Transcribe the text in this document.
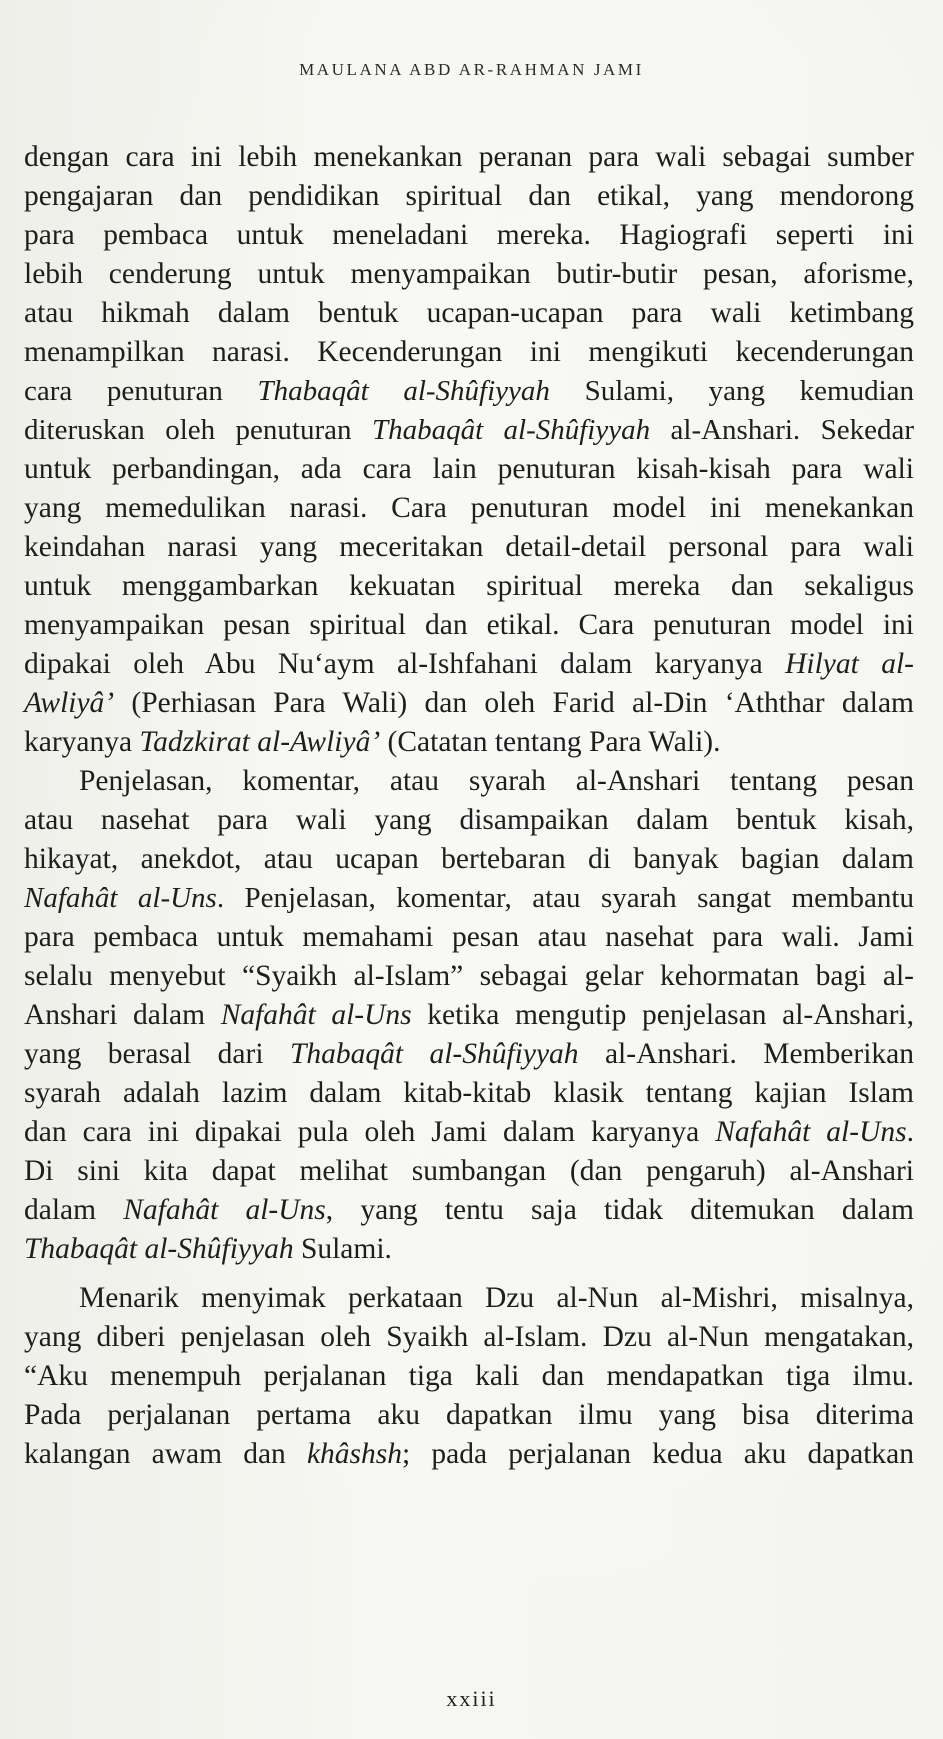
MAULANA ABD AR-RAHMAN JAMI
dengan cara ini lebih menekankan peranan para wali sebagai sumber
pengajaran dan pendidikan spiritual dan etikal, yang mendorong
para pembaca untuk meneladani mereka. Hagiografi seperti ini
lebih cenderung untuk menyampaikan butir-butir pesan, aforisme,
atau hikmah dalam bentuk ucapan-ucapan para wali ketimbang
menampilkan narasi. Kecenderungan ini mengikuti kecenderungan
cara penuturan Thabaqât al-Shûfiyyah Sulami, yang kemudian
diteruskan oleh penuturan Thabaqât al-Shûfiyyah al-Anshari. Sekedar
untuk perbandingan, ada cara lain penuturan kisah-kisah para wali
yang memedulikan narasi. Cara penuturan model ini menekankan
keindahan narasi yang meceritakan detail-detail personal para wali
untuk menggambarkan kekuatan spiritual mereka dan sekaligus
menyampaikan pesan spiritual dan etikal. Cara penuturan model ini
dipakai oleh Abu Nu‘aym al-Ishfahani dalam karyanya Hilyat al-
Awliyâ’ (Perhiasan Para Wali) dan oleh Farid al-Din ‘Aththar dalam
karyanya Tadzkirat al-Awliyâ’ (Catatan tentang Para Wali).
Penjelasan, komentar, atau syarah al-Anshari tentang pesan
atau nasehat para wali yang disampaikan dalam bentuk kisah,
hikayat, anekdot, atau ucapan bertebaran di banyak bagian dalam
Nafahât al-Uns. Penjelasan, komentar, atau syarah sangat membantu
para pembaca untuk memahami pesan atau nasehat para wali. Jami
selalu menyebut “Syaikh al-Islam” sebagai gelar kehormatan bagi al-
Anshari dalam Nafahât al-Uns ketika mengutip penjelasan al-Anshari,
yang berasal dari Thabaqât al-Shûfiyyah al-Anshari. Memberikan
syarah adalah lazim dalam kitab-kitab klasik tentang kajian Islam
dan cara ini dipakai pula oleh Jami dalam karyanya Nafahât al-Uns.
Di sini kita dapat melihat sumbangan (dan pengaruh) al-Anshari
dalam Nafahât al-Uns, yang tentu saja tidak ditemukan dalam
Thabaqât al-Shûfiyyah Sulami.
Menarik menyimak perkataan Dzu al-Nun al-Mishri, misalnya,
yang diberi penjelasan oleh Syaikh al-Islam. Dzu al-Nun mengatakan,
“Aku menempuh perjalanan tiga kali dan mendapatkan tiga ilmu.
Pada perjalanan pertama aku dapatkan ilmu yang bisa diterima
kalangan awam dan khâshsh; pada perjalanan kedua aku dapatkan
xxiii
